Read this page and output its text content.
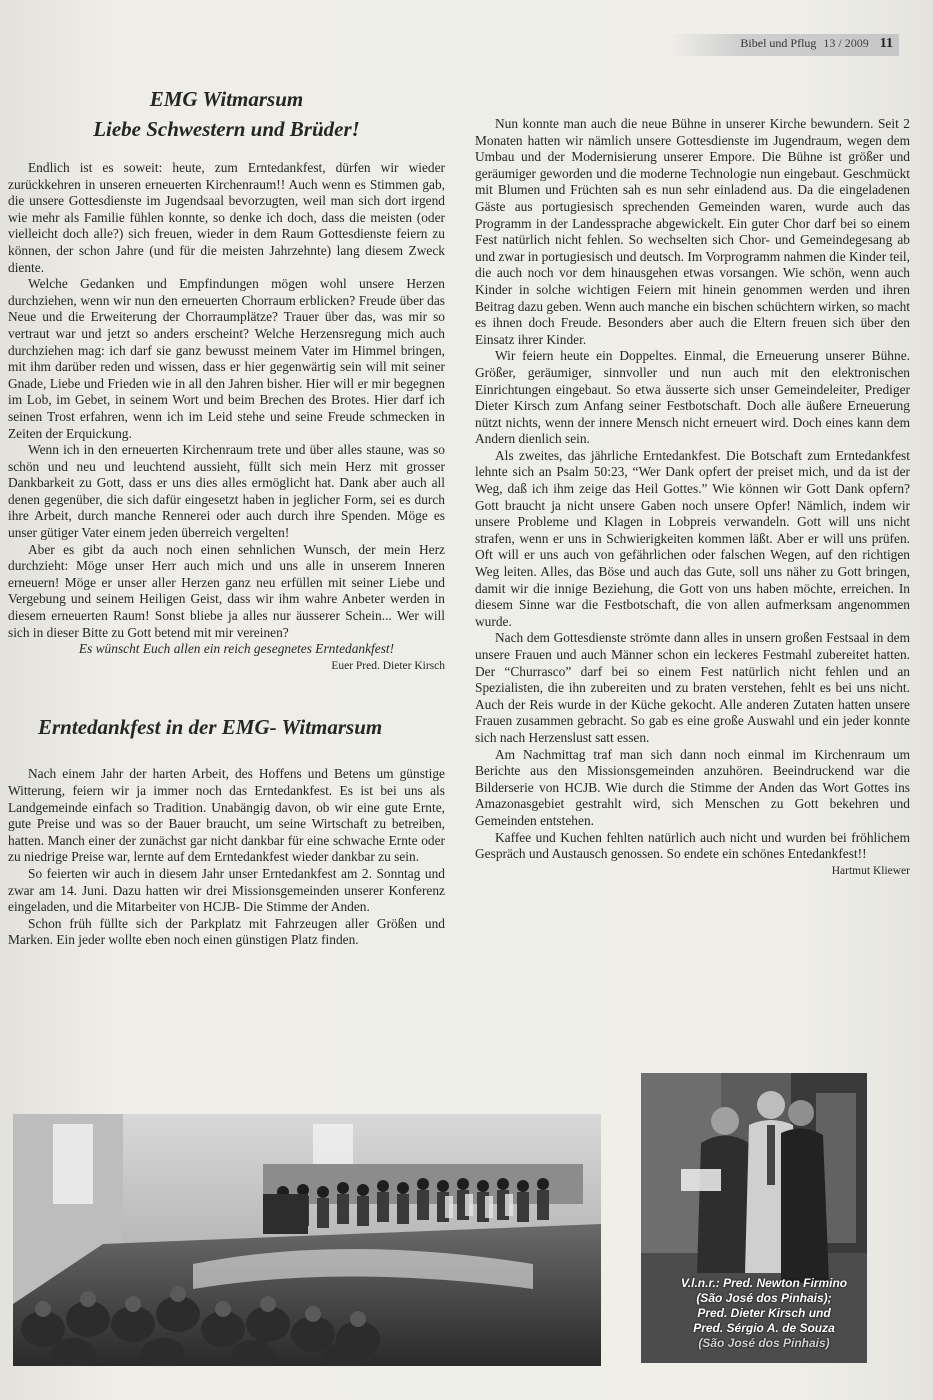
Bibel und Pflug 13 / 2009 11
EMG Witmarsum
Liebe Schwestern und Brüder!

Endlich ist es soweit: heute, zum Erntedankfest, dürfen wir wieder zurückkehren in unseren erneuerten Kirchenraum!! Auch wenn es Stimmen gab, die unsere Gottesdienste im Jugendsaal bevorzugten, weil man sich dort irgend wie mehr als Familie fühlen konnte, so denke ich doch, dass die meisten (oder vielleicht doch alle?) sich freuen, wieder in dem Raum Gottesdienste feiern zu können, der schon Jahre (und für die meisten Jahrzehnte) lang diesem Zweck diente.

Welche Gedanken und Empfindungen mögen wohl unsere Herzen durchziehen, wenn wir nun den erneuerten Chorraum erblicken? Freude über das Neue und die Erweiterung der Chorraumplätze? Trauer über das, was mir so vertraut war und jetzt so anders erscheint? Welche Herzensregung mich auch durchziehen mag: ich darf sie ganz bewusst meinem Vater im Himmel bringen, mit ihm darüber reden und wissen, dass er hier gegenwärtig sein will mit seiner Gnade, Liebe und Frieden wie in all den Jahren bisher. Hier will er mir begegnen im Lob, im Gebet, in seinem Wort und beim Brechen des Brotes. Hier darf ich seinen Trost erfahren, wenn ich im Leid stehe und seine Freude schmecken in Zeiten der Erquickung.

Wenn ich in den erneuerten Kirchenraum trete und über alles staune, was so schön und neu und leuchtend aussieht, füllt sich mein Herz mit grosser Dankbarkeit zu Gott, dass er uns dies alles ermöglicht hat. Dank aber auch all denen gegenüber, die sich dafür eingesetzt haben in jeglicher Form, sei es durch ihre Arbeit, durch manche Rennerei oder auch durch ihre Spenden. Möge es unser gütiger Vater einem jeden überreich vergelten!

Aber es gibt da auch noch einen sehnlichen Wunsch, der mein Herz durchzieht: Möge unser Herr auch mich und uns alle in unserem Inneren erneuern! Möge er unser aller Herzen ganz neu erfüllen mit seiner Liebe und Vergebung und seinem Heiligen Geist, dass wir ihm wahre Anbeter werden in diesem erneuerten Raum! Sonst bliebe ja alles nur äusserer Schein... Wer will sich in dieser Bitte zu Gott betend mit mir vereinen?

Es wünscht Euch allen ein reich gesegnetes Erntedankfest!

Euer Pred. Dieter Kirsch

Erntedankfest in der EMG- Witmarsum

Nach einem Jahr der harten Arbeit, des Hoffens und Betens um günstige Witterung, feiern wir ja immer noch das Erntedankfest. Es ist bei uns als Landgemeinde einfach so Tradition. Unabängig davon, ob wir eine gute Ernte, gute Preise und was so der Bauer braucht, um seine Wirtschaft zu betreiben, hatten. Manch einer der zunächst gar nicht dankbar für eine schwache Ernte oder zu niedrige Preise war, lernte auf dem Erntedankfest wieder dankbar zu sein.

So feierten wir auch in diesem Jahr unser Erntedankfest am 2. Sonntag und zwar am 14. Juni. Dazu hatten wir drei Missionsgemeinden unserer Konferenz eingeladen, und die Mitarbeiter von HCJB- Die Stimme der Anden.

Schon früh füllte sich der Parkplatz mit Fahrzeugen aller Größen und Marken. Ein jeder wollte eben noch einen günstigen Platz finden.

Nun konnte man auch die neue Bühne in unserer Kirche bewundern. Seit 2 Monaten hatten wir nämlich unsere Gottesdienste im Jugendraum, wegen dem Umbau und der Modernisierung unserer Empore. Die Bühne ist größer und geräumiger geworden und die moderne Technologie nun eingebaut. Geschmückt mit Blumen und Früchten sah es nun sehr einladend aus. Da die eingeladenen Gäste aus portugiesisch sprechenden Gemeinden waren, wurde auch das Programm in der Landessprache abgewickelt. Ein guter Chor darf bei so einem Fest natürlich nicht fehlen. So wechselten sich Chor- und Gemeindegesang ab und zwar in portugiesisch und deutsch. Im Vorprogramm nahmen die Kinder teil, die auch noch vor dem hinausgehen etwas vorsangen. Wie schön, wenn auch Kinder in solche wichtigen Feiern mit hinein genommen werden und ihren Beitrag dazu geben. Wenn auch manche ein bischen schüchtern wirken, so macht es ihnen doch Freude. Besonders aber auch die Eltern freuen sich über den Einsatz ihrer Kinder.

Wir feiern heute ein Doppeltes. Einmal, die Erneuerung unserer Bühne. Größer, geräumiger, sinnvoller und nun auch mit den elektronischen Einrichtungen eingebaut. So etwa äusserte sich unser Gemeindeleiter, Prediger Dieter Kirsch zum Anfang seiner Festbotschaft. Doch alle äußere Erneuerung nützt nichts, wenn der innere Mensch nicht erneuert wird. Doch eines kann dem Andern dienlich sein.

Als zweites, das jährliche Erntedankfest. Die Botschaft zum Erntedankfest lehnte sich an Psalm 50:23, “Wer Dank opfert der preiset mich, und da ist der Weg, daß ich ihm zeige das Heil Gottes.” Wie können wir Gott Dank opfern? Gott braucht ja nicht unsere Gaben noch unsere Opfer! Nämlich, indem wir unsere Probleme und Klagen in Lobpreis verwandeln. Gott will uns nicht strafen, wenn er uns in Schwierigkeiten kommen läßt. Aber er will uns prüfen. Oft will er uns auch von gefährlichen oder falschen Wegen, auf den richtigen Weg leiten. Alles, das Böse und auch das Gute, soll uns näher zu Gott bringen, damit wir die innige Beziehung, die Gott von uns haben möchte, erreichen. In diesem Sinne war die Festbotschaft, die von allen aufmerksam angenommen wurde.

Nach dem Gottesdienste strömte dann alles in unsern großen Festsaal in dem unsere Frauen und auch Männer schon ein leckeres Festmahl zubereitet hatten. Der “Churrasco” darf bei so einem Fest natürlich nicht fehlen und an Spezialisten, die ihn zubereiten und zu braten verstehen, fehlt es bei uns nicht. Auch der Reis wurde in der Küche gekocht. Alle anderen Zutaten hatten unsere Frauen zusammen gebracht. So gab es eine große Auswahl und ein jeder konnte sich nach Herzenslust satt essen.

Am Nachmittag traf man sich dann noch einmal im Kirchenraum um Berichte aus den Missionsgemeinden anzuhören. Beeindruckend war die Bilderserie von HCJB. Wie durch die Stimme der Anden das Wort Gottes ins Amazonasgebiet gestrahlt wird, sich Menschen zu Gott bekehren und Gemeinden entstehen.

Kaffee und Kuchen fehlten natürlich auch nicht und wurden bei fröhlichem Gespräch und Austausch genossen. So endete ein schönes Entedankfest!!

Hartmut Kliewer

V.l.n.r.: Pred. Newton Firmino
(São José dos Pinhais);
Pred. Dieter Kirsch und
Pred. Sérgio A. de Souza
(São José dos Pinhais)
